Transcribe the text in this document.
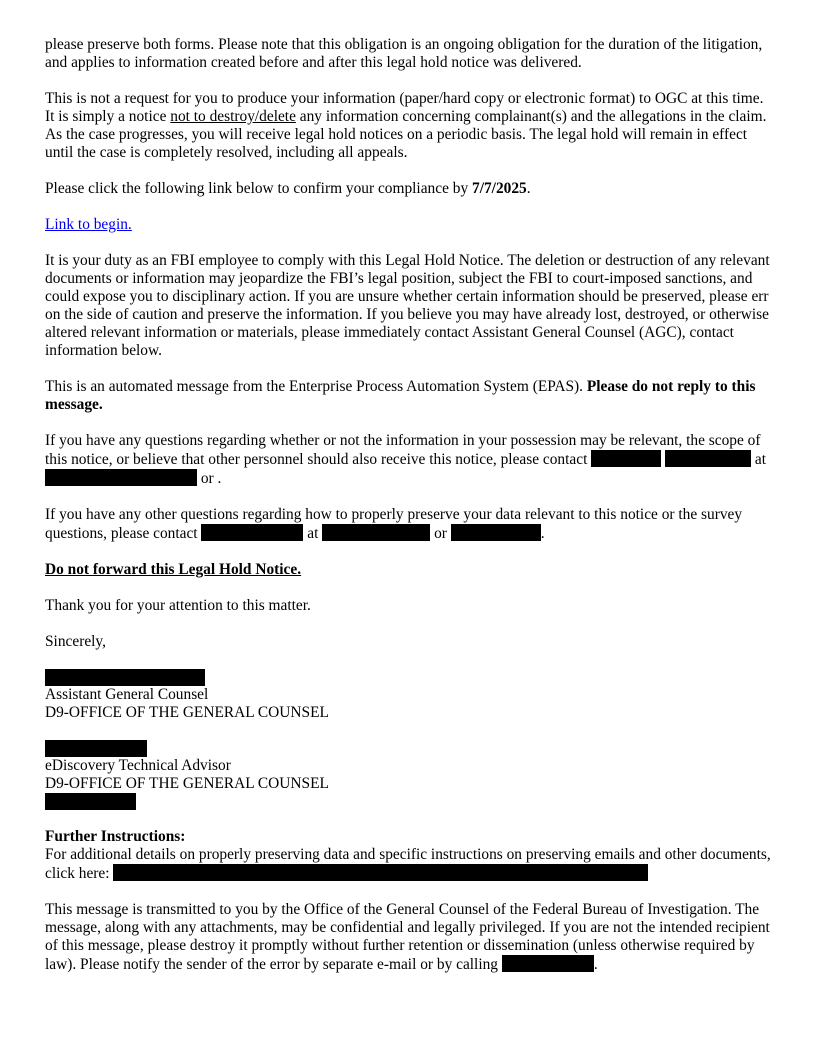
please preserve both forms. Please note that this obligation is an ongoing obligation for the duration of the litigation, and applies to information created before and after this legal hold notice was delivered.

This is not a request for you to produce your information (paper/hard copy or electronic format) to OGC at this time. It is simply a notice not to destroy/delete any information concerning complainant(s) and the allegations in the claim. As the case progresses, you will receive legal hold notices on a periodic basis. The legal hold will remain in effect until the case is completely resolved, including all appeals.

Please click the following link below to confirm your compliance by 7/7/2025.

Link to begin.

It is your duty as an FBI employee to comply with this Legal Hold Notice. The deletion or destruction of any relevant documents or information may jeopardize the FBI’s legal position, subject the FBI to court-imposed sanctions, and could expose you to disciplinary action. If you are unsure whether certain information should be preserved, please err on the side of caution and preserve the information. If you believe you may have already lost, destroyed, or otherwise altered relevant information or materials, please immediately contact Assistant General Counsel (AGC), contact information below.

This is an automated message from the Enterprise Process Automation System (EPAS). Please do not reply to this message.

If you have any questions regarding whether or not the information in your possession may be relevant, the scope of this notice, or believe that other personnel should also receive this notice, please contact	at  or .

If you have any other questions regarding how to properly preserve your data relevant to this notice or the survey questions, please contact	at	or	.

Do not forward this Legal Hold Notice.

Thank you for your attention to this matter.

Sincerely,

Assistant General Counsel
D9-OFFICE OF THE GENERAL COUNSEL

eDiscovery Technical Advisor
D9-OFFICE OF THE GENERAL COUNSEL

Further Instructions:
For additional details on properly preserving data and specific instructions on preserving emails and other documents, click here:

This message is transmitted to you by the Office of the General Counsel of the Federal Bureau of Investigation. The message, along with any attachments, may be confidential and legally privileged. If you are not the intended recipient of this message, please destroy it promptly without further retention or dissemination (unless otherwise required by law). Please notify the sender of the error by separate e-mail or by calling	.
